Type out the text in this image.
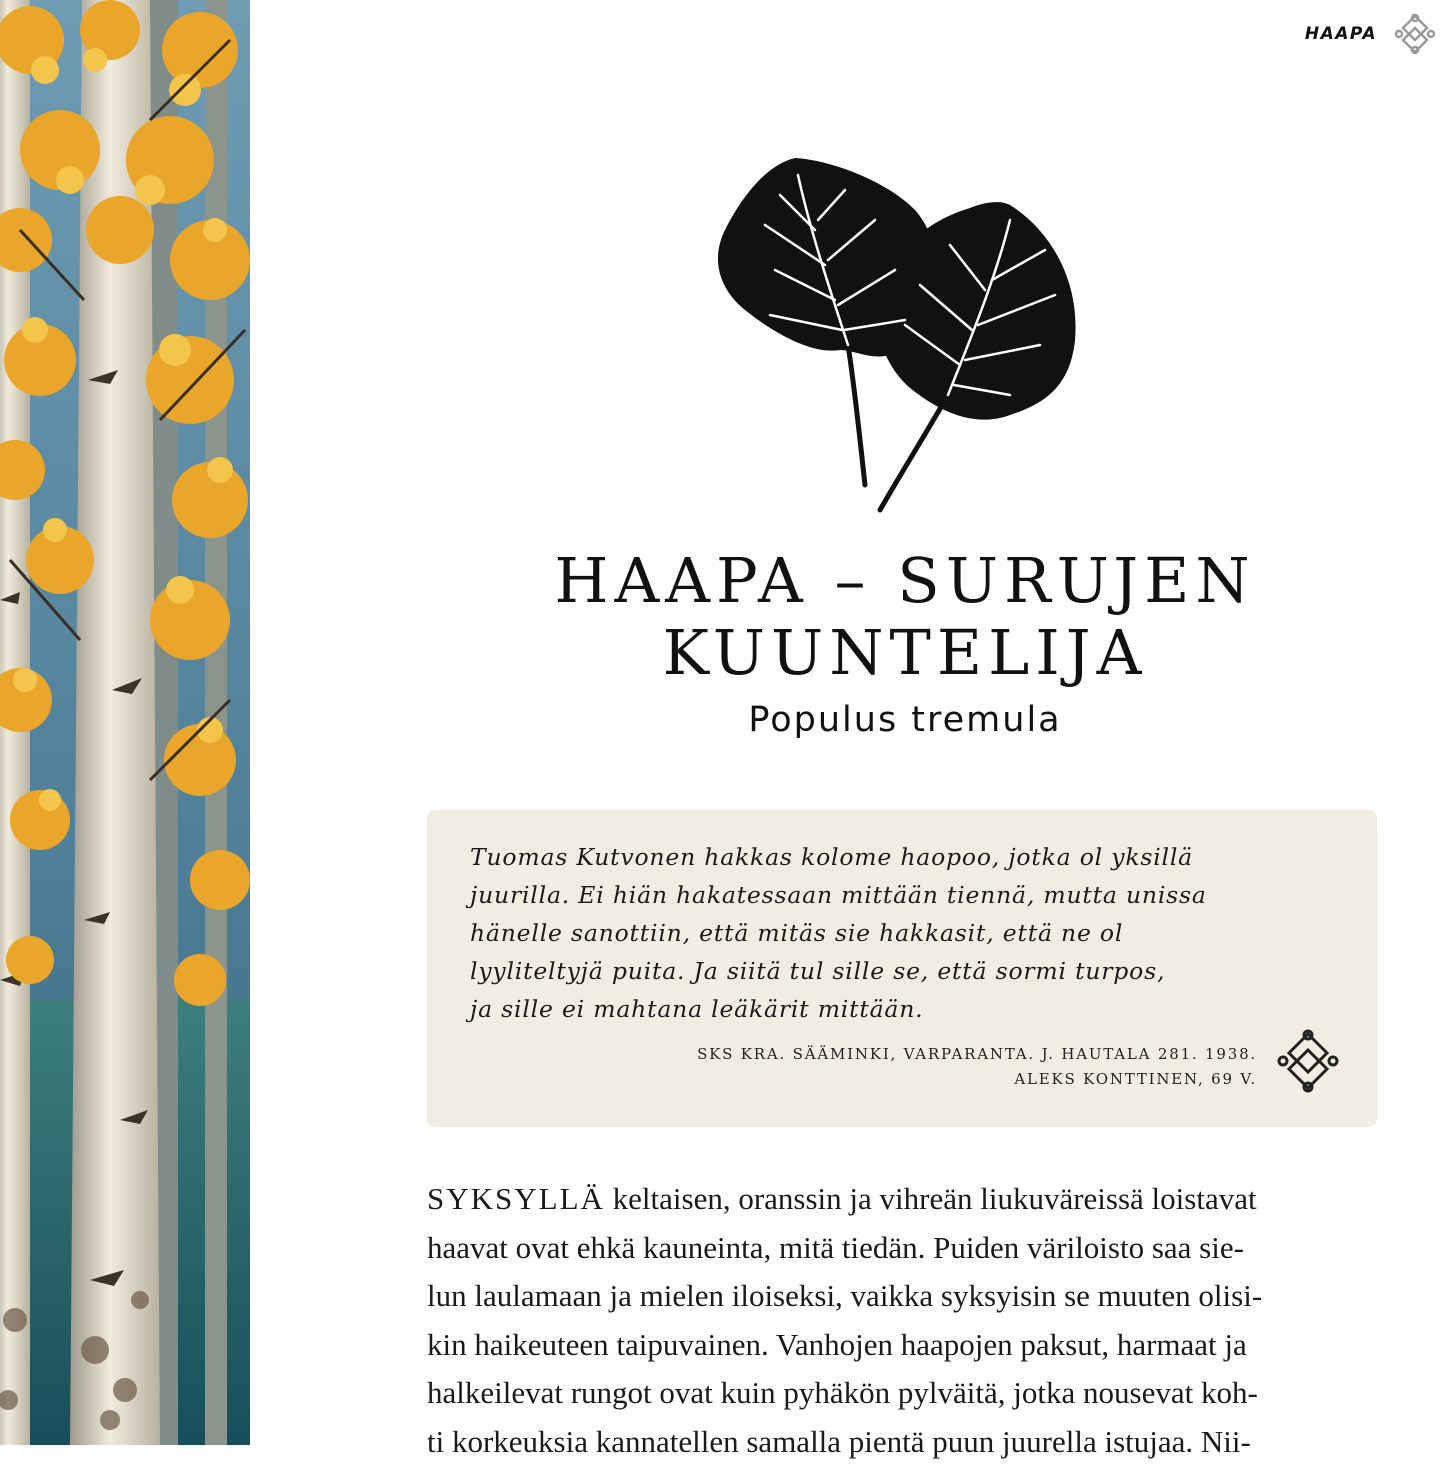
HAAPA
HAAPA – SURUJEN
KUUNTELIJA

Populus tremula

Tuomas Kutvonen hakkas kolome haopoo, jotka ol yksillä
juurilla. Ei hiän hakatessaan mittään tiennä, mutta unissa
hänelle sanottiin, että mitäs sie hakkasit, että ne ol
lyyliteltyjä puita. Ja siitä tul sille se, että sormi turpos,
ja sille ei mahtana leäkärit mittään.

SKS KRA. SÄÄMINKI, VARPARANTA. J. HAUTALA 281. 1938.
ALEKS KONTTINEN, 69 V.
SYKSYLLÄ keltaisen, oranssin ja vihreän liukuväreissä loistavat
haavat ovat ehkä kauneinta, mitä tiedän. Puiden väriloisto saa sie-
lun laulamaan ja mielen iloiseksi, vaikka syksyisin se muuten olisi-
kin haikeuteen taipuvainen. Vanhojen haapojen paksut, harmaat ja
halkeilevat rungot ovat kuin pyhäkön pylväitä, jotka nousevat koh-
ti korkeuksia kannatellen samalla pientä puun juurella istujaa. Nii-
